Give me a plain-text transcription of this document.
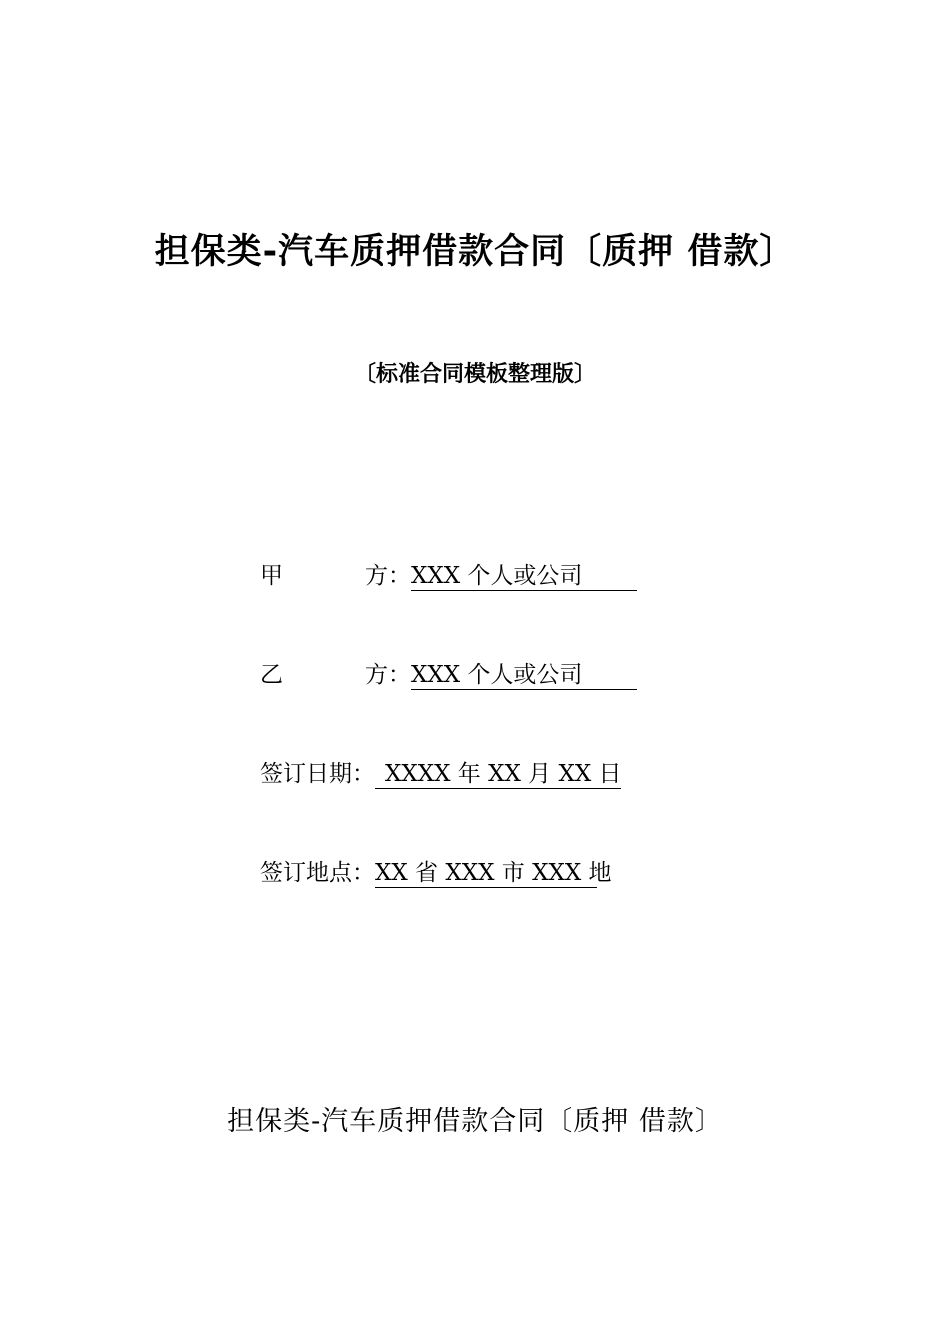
担保类-汽车质押借款合同〔质押 借款〕
〔标准合同模板整理版〕
甲方：XXX 个人或公司
乙方：XXX 个人或公司
签订日期： XXXX 年 XX 月 XX 日
签订地点：XX 省 XXX 市 XXX 地
担保类-汽车质押借款合同〔质押 借款〕
